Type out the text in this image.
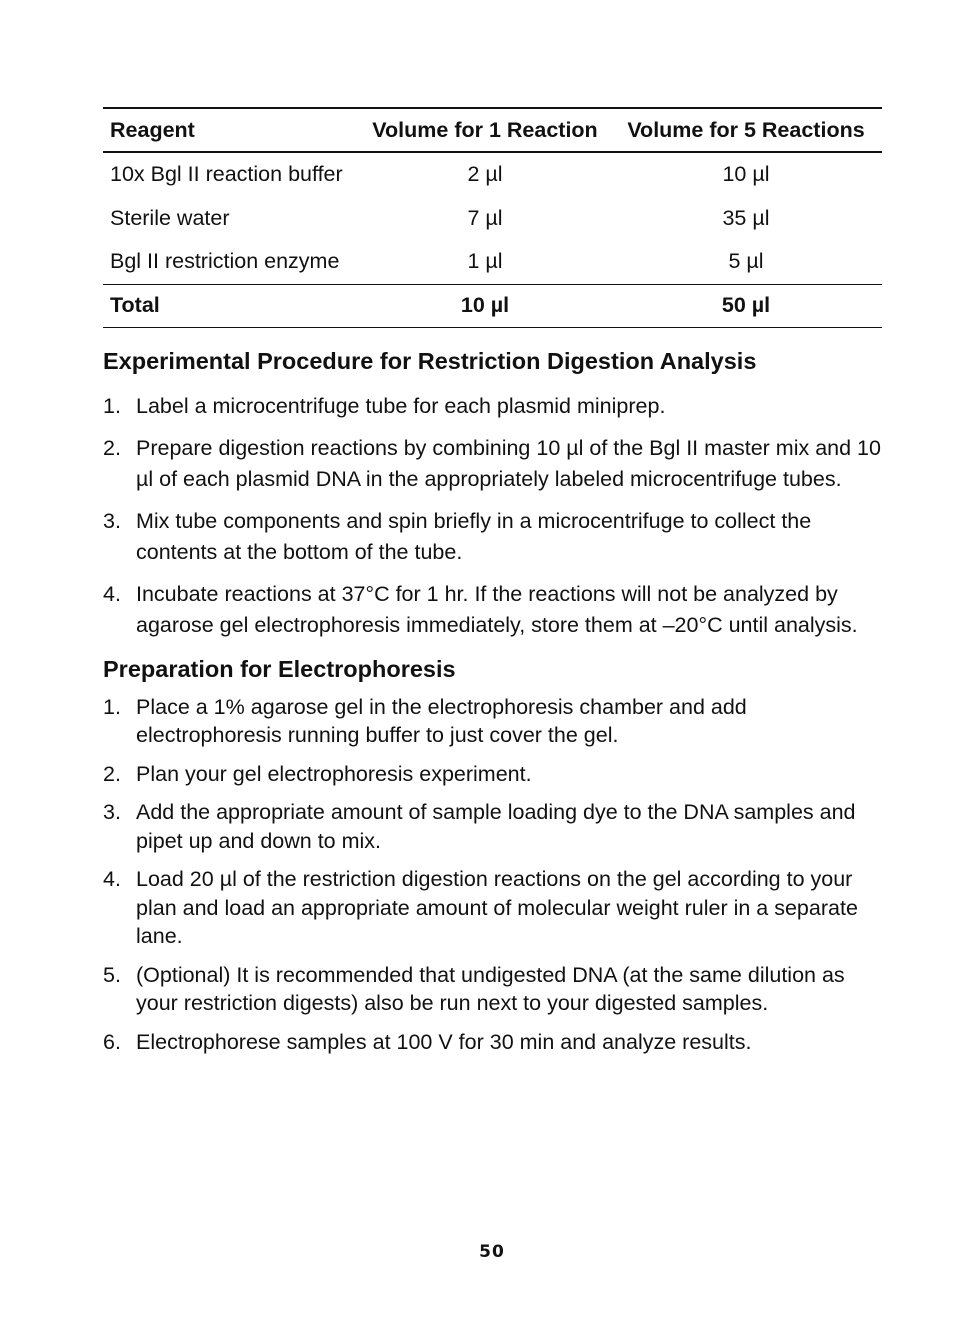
Reagent	Volume for 1 Reaction	Volume for 5 Reactions
10x Bgl II reaction buffer	2 µl	10 µl
Sterile water	7 µl	35 µl
Bgl II restriction enzyme	1 µl	5 µl
Total	10 µl	50 µl
Experimental Procedure for Restriction Digestion Analysis
1. Label a microcentrifuge tube for each plasmid miniprep.
2. Prepare digestion reactions by combining 10 µl of the Bgl II master mix and 10 µl of each plasmid DNA in the appropriately labeled microcentrifuge tubes.
3. Mix tube components and spin briefly in a microcentrifuge to collect the contents at the bottom of the tube.
4. Incubate reactions at 37°C for 1 hr. If the reactions will not be analyzed by agarose gel electrophoresis immediately, store them at –20°C until analysis.
Preparation for Electrophoresis
1. Place a 1% agarose gel in the electrophoresis chamber and add electrophoresis running buffer to just cover the gel.
2. Plan your gel electrophoresis experiment.
3. Add the appropriate amount of sample loading dye to the DNA samples and pipet up and down to mix.
4. Load 20 µl of the restriction digestion reactions on the gel according to your plan and load an appropriate amount of molecular weight ruler in a separate lane.
5. (Optional) It is recommended that undigested DNA (at the same dilution as your restriction digests) also be run next to your digested samples.
6. Electrophorese samples at 100 V for 30 min and analyze results.
50
